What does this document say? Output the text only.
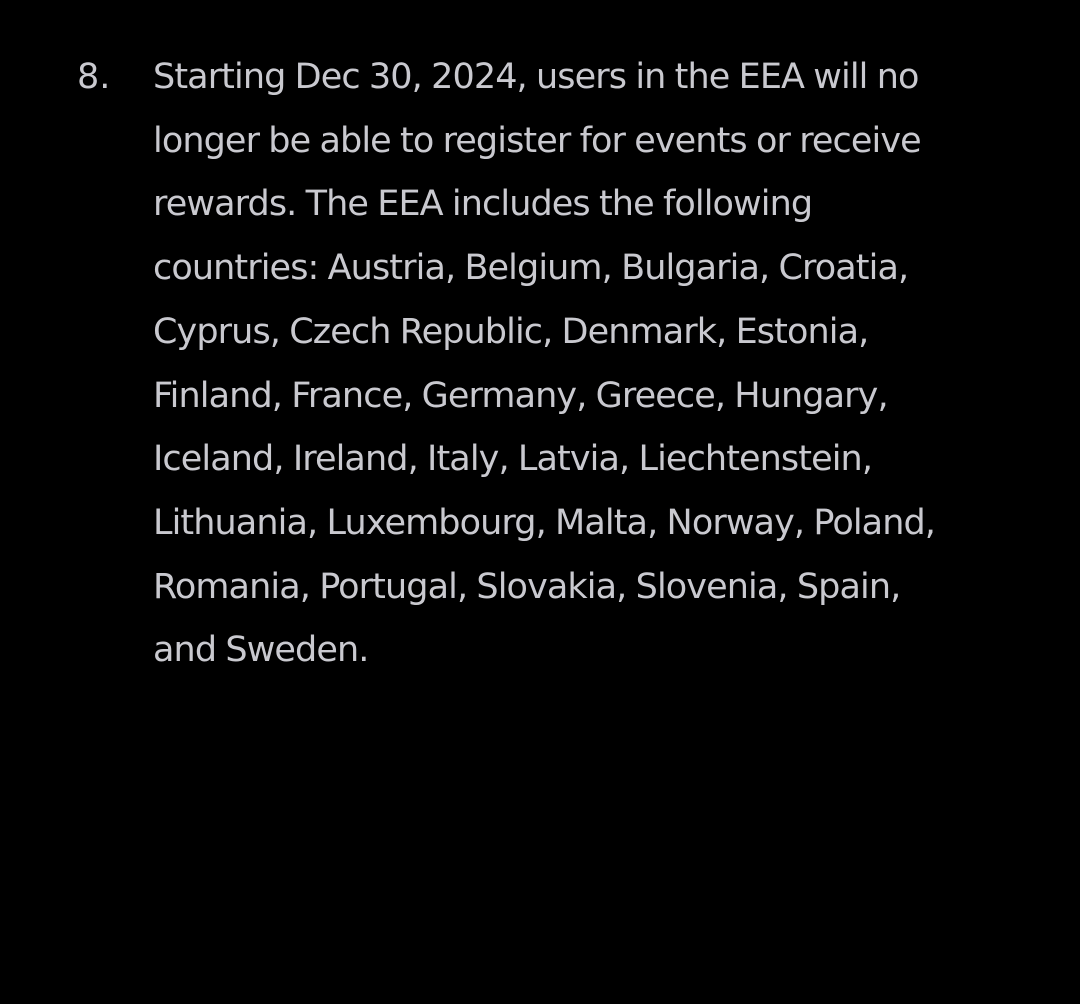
8. Starting Dec 30, 2024, users in the EEA will no
longer be able to register for events or receive
rewards. The EEA includes the following
countries: Austria, Belgium, Bulgaria, Croatia,
Cyprus, Czech Republic, Denmark, Estonia,
Finland, France, Germany, Greece, Hungary,
Iceland, Ireland, Italy, Latvia, Liechtenstein,
Lithuania, Luxembourg, Malta, Norway, Poland,
Romania, Portugal, Slovakia, Slovenia, Spain,
and Sweden.
